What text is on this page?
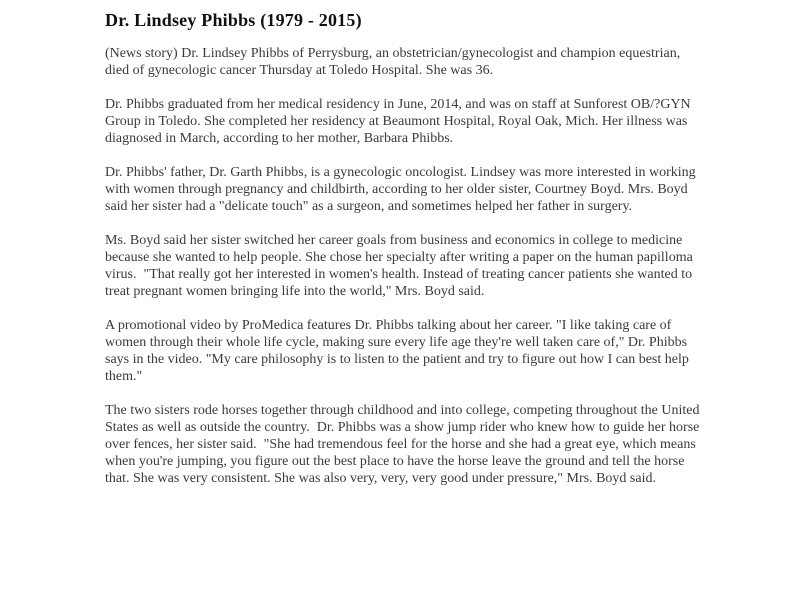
Dr. Lindsey Phibbs (1979 - 2015)

(News story) Dr. Lindsey Phibbs of Perrysburg, an obstetrician/gynecologist and champion equestrian, died of gynecologic cancer Thursday at Toledo Hospital. She was 36.

Dr. Phibbs graduated from her medical residency in June, 2014, and was on staff at Sunforest OB/?GYN Group in Toledo. She completed her residency at Beaumont Hospital, Royal Oak, Mich. Her illness was diagnosed in March, according to her mother, Barbara Phibbs.

Dr. Phibbs' father, Dr. Garth Phibbs, is a gynecologic oncologist. Lindsey was more interested in working with women through pregnancy and childbirth, according to her older sister, Courtney Boyd. Mrs. Boyd said her sister had a "delicate touch" as a surgeon, and sometimes helped her father in surgery.

Ms. Boyd said her sister switched her career goals from business and economics in college to medicine because she wanted to help people. She chose her specialty after writing a paper on the human papilloma virus.  "That really got her interested in women's health. Instead of treating cancer patients she wanted to treat pregnant women bringing life into the world," Mrs. Boyd said.

A promotional video by ProMedica features Dr. Phibbs talking about her career. "I like taking care of women through their whole life cycle, making sure every life age they're well taken care of," Dr. Phibbs says in the video. "My care philosophy is to listen to the patient and try to figure out how I can best help them."

The two sisters rode horses together through childhood and into college, competing throughout the United States as well as outside the country.  Dr. Phibbs was a show jump rider who knew how to guide her horse over fences, her sister said.  "She had tremendous feel for the horse and she had a great eye, which means when you're jumping, you figure out the best place to have the horse leave the ground and tell the horse that. She was very consistent. She was also very, very, very good under pressure," Mrs. Boyd said.
